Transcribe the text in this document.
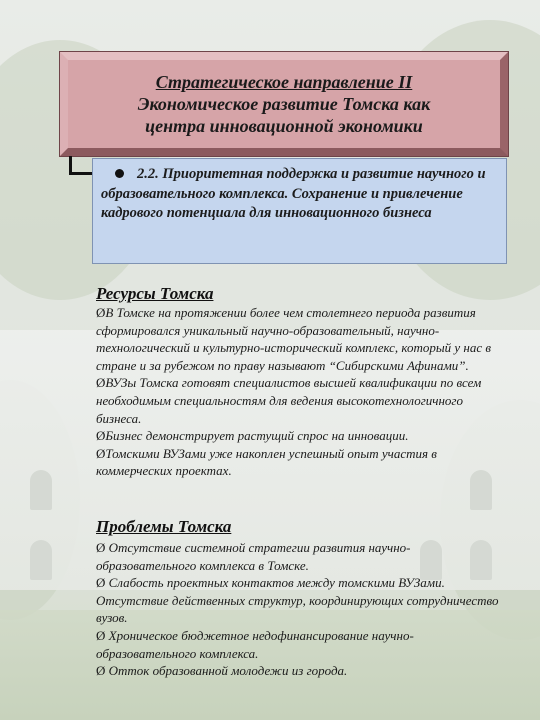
Стратегическое направление II
Экономическое развитие Томска как
центра инновационной экономики
2.2. Приоритетная поддержка и развитие научного и образовательного комплекса. Сохранение и привлечение кадрового потенциала для инновационного бизнеса
Ресурсы Томска

ØВ Томске на протяжении более чем столетнего периода развития сформировался уникальный научно-образовательный, научно-технологический и культурно-исторический комплекс, который у нас в стране и за рубежом по праву называют “Сибирскими Афинами”.

ØВУЗы Томска готовят специалистов высшей квалификации по всем необходимым специальностям для ведения высокотехнологичного бизнеса.

ØБизнес демонстрирует растущий спрос на инновации.

ØТомскими ВУЗами уже накоплен успешный опыт участия в коммерческих проектах.

Проблемы Томска

Ø Отсутствие системной стратегии развития научно-образовательного комплекса в Томске.

Ø Слабость проектных контактов между томскими ВУЗами. Отсутствие действенных структур, координирующих сотрудничество вузов.

Ø Хроническое бюджетное недофинансирование научно-образовательного комплекса.

Ø Отток образованной молодежи из города.
